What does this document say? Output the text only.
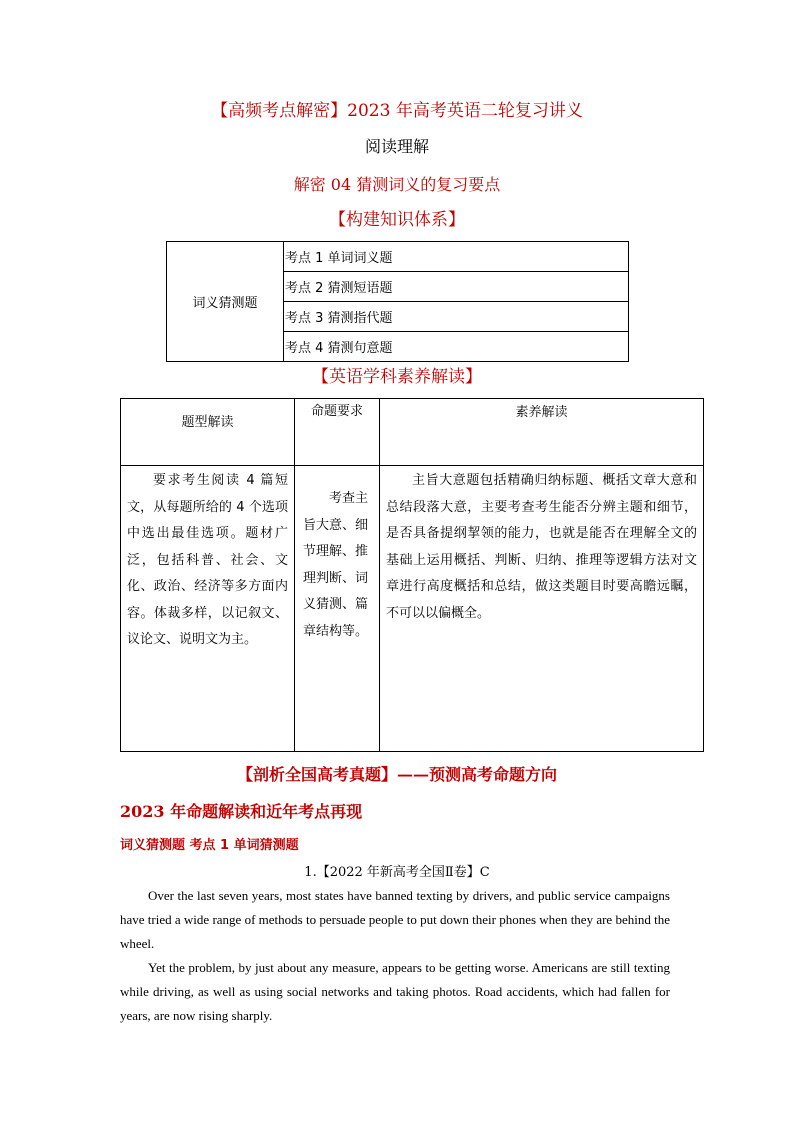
【高频考点解密】2023 年高考英语二轮复习讲义
阅读理解
解密 04 猜测词义的复习要点
【构建知识体系】
词义猜测题	考点 1 单词词义题
考点 2 猜测短语题
考点 3 猜测指代题
考点 4 猜测句意题
【英语学科素养解读】
题型解读	命题要求	素养解读
要求考生阅读 4 篇短文，从每题所给的 4 个选项中选出最佳选项。题材广泛，包括科普、社会、文化、政治、经济等多方面内容。体裁多样，以记叙文、议论文、说明文为主。	考查主旨大意、细节理解、推理判断、词义猜测、篇章结构等。	主旨大意题包括精确归纳标题、概括文章大意和总结段落大意，主要考查考生能否分辨主题和细节，是否具备提纲挈领的能力，也就是能否在理解全文的基础上运用概括、判断、归纳、推理等逻辑方法对文章进行高度概括和总结，做这类题目时要高瞻远瞩，不可以以偏概全。
【剖析全国高考真题】——预测高考命题方向
2023 年命题解读和近年考点再现
词义猜测题 考点 1 单词猜测题
1.【2022 年新高考全国Ⅱ卷】C
Over the last seven years, most states have banned texting by drivers, and public service campaigns have tried a wide range of methods to persuade people to put down their phones when they are behind the wheel.
Yet the problem, by just about any measure, appears to be getting worse. Americans are still texting while driving, as well as using social networks and taking photos. Road accidents, which had fallen for years, are now rising sharply.
